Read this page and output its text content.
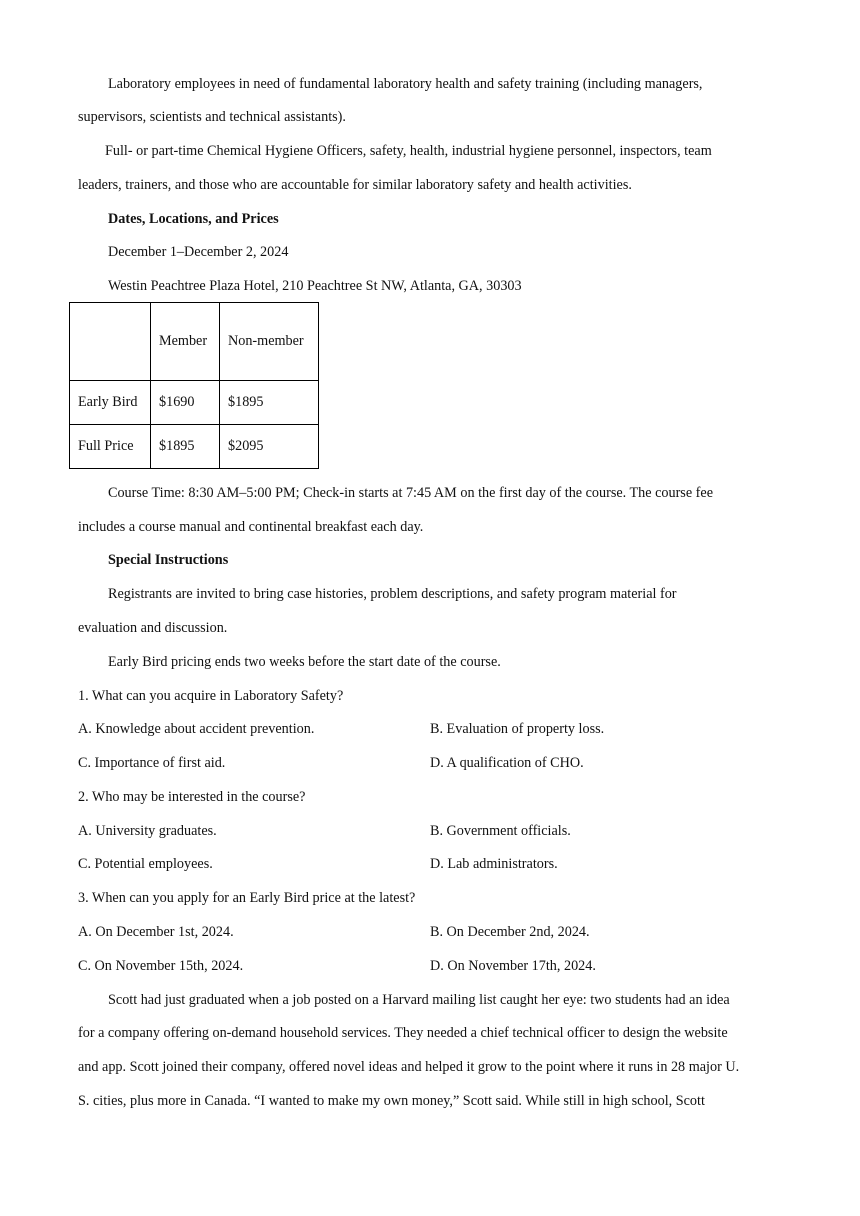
Laboratory employees in need of fundamental laboratory health and safety training (including managers,
supervisors, scientists and technical assistants).
Full- or part-time Chemical Hygiene Officers, safety, health, industrial hygiene personnel, inspectors, team
leaders, trainers, and those who are accountable for similar laboratory safety and health activities.
Dates, Locations, and Prices
December 1–December 2, 2024
Westin Peachtree Plaza Hotel, 210 Peachtree St NW, Atlanta, GA, 30303
	Member	Non-member
Early Bird	$1690	$1895
Full Price	$1895	$2095
Course Time: 8:30 AM–5:00 PM; Check-in starts at 7:45 AM on the first day of the course. The course fee
includes a course manual and continental breakfast each day.
Special Instructions
Registrants are invited to bring case histories, problem descriptions, and safety program material for
evaluation and discussion.
Early Bird pricing ends two weeks before the start date of the course.
1. What can you acquire in Laboratory Safety?
A. Knowledge about accident prevention.	B. Evaluation of property loss.
C. Importance of first aid.	D. A qualification of CHO.
2. Who may be interested in the course?
A. University graduates.	B. Government officials.
C. Potential employees.	D. Lab administrators.
3. When can you apply for an Early Bird price at the latest?
A. On December 1st, 2024.	B. On December 2nd, 2024.
C. On November 15th, 2024.	D. On November 17th, 2024.
Scott had just graduated when a job posted on a Harvard mailing list caught her eye: two students had an idea
for a company offering on-demand household services. They needed a chief technical officer to design the website
and app. Scott joined their company, offered novel ideas and helped it grow to the point where it runs in 28 major U.
S. cities, plus more in Canada. “I wanted to make my own money,” Scott said. While still in high school, Scott
